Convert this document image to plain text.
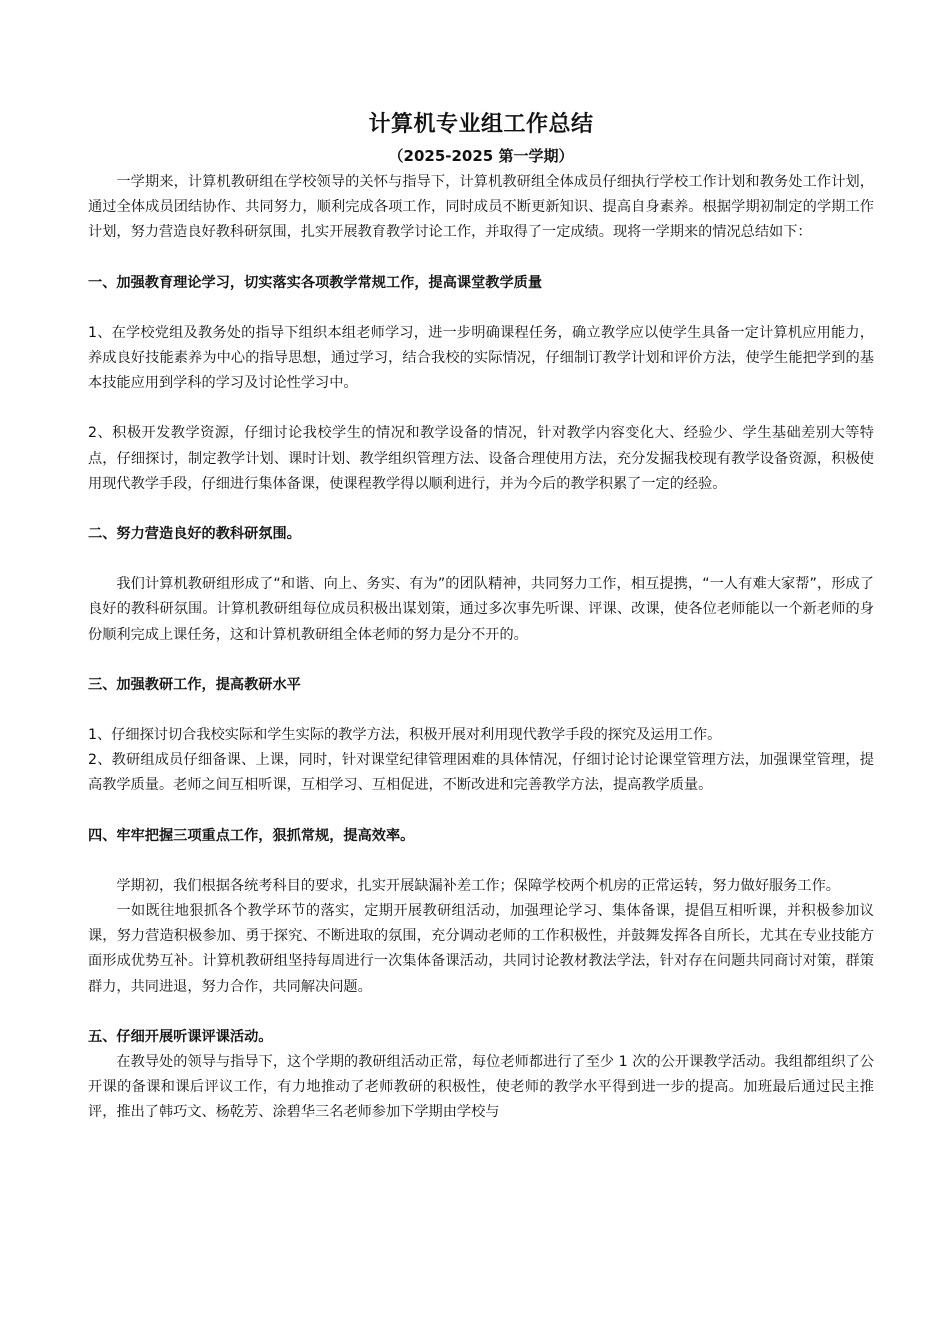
计算机专业组工作总结

（2025-2025 第一学期）

一学期来，计算机教研组在学校领导的关怀与指导下，计算机教研组全体成员仔细执行学校工作计划和教务处工作计划，通过全体成员团结协作、共同努力，顺利完成各项工作，同时成员不断更新知识、提高自身素养。根据学期初制定的学期工作计划，努力营造良好教科研氛围，扎实开展教育教学讨论工作，并取得了一定成绩。现将一学期来的情况总结如下：

一、加强教育理论学习，切实落实各项教学常规工作，提高课堂教学质量

1、在学校党组及教务处的指导下组织本组老师学习，进一步明确课程任务，确立教学应以使学生具备一定计算机应用能力，养成良好技能素养为中心的指导思想，通过学习，结合我校的实际情况，仔细制订教学计划和评价方法，使学生能把学到的基本技能应用到学科的学习及讨论性学习中。

2、积极开发教学资源，仔细讨论我校学生的情况和教学设备的情况，针对教学内容变化大、经验少、学生基础差别大等特点，仔细探讨，制定教学计划、课时计划、教学组织管理方法、设备合理使用方法，充分发掘我校现有教学设备资源，积极使用现代教学手段，仔细进行集体备课，使课程教学得以顺利进行，并为今后的教学积累了一定的经验。

二、努力营造良好的教科研氛围。

我们计算机教研组形成了“和谐、向上、务实、有为”的团队精神，共同努力工作，相互提携，“一人有难大家帮”，形成了良好的教科研氛围。计算机教研组每位成员积极出谋划策，通过多次事先听课、评课、改课，使各位老师能以一个新老师的身份顺利完成上课任务，这和计算机教研组全体老师的努力是分不开的。

三、加强教研工作，提高教研水平

1、仔细探讨切合我校实际和学生实际的教学方法，积极开展对利用现代教学手段的探究及运用工作。

2、教研组成员仔细备课、上课，同时，针对课堂纪律管理困难的具体情况，仔细讨论讨论课堂管理方法，加强课堂管理，提高教学质量。老师之间互相听课，互相学习、互相促进，不断改进和完善教学方法，提高教学质量。

四、牢牢把握三项重点工作，狠抓常规，提高效率。

学期初，我们根据各统考科目的要求，扎实开展缺漏补差工作；保障学校两个机房的正常运转，努力做好服务工作。

一如既往地狠抓各个教学环节的落实，定期开展教研组活动，加强理论学习、集体备课，提倡互相听课，并积极参加议课，努力营造积极参加、勇于探究、不断进取的氛围，充分调动老师的工作积极性，并鼓舞发挥各自所长，尤其在专业技能方面形成优势互补。计算机教研组坚持每周进行一次集体备课活动，共同讨论教材教法学法，针对存在问题共同商讨对策，群策群力，共同进退，努力合作，共同解决问题。

五、仔细开展听课评课活动。

在教导处的领导与指导下，这个学期的教研组活动正常，每位老师都进行了至少 1 次的公开课教学活动。我组都组织了公开课的备课和课后评议工作，有力地推动了老师教研的积极性，使老师的教学水平得到进一步的提高。加班最后通过民主推评，推出了韩巧文、杨乾芳、涂碧华三名老师参加下学期由学校与
